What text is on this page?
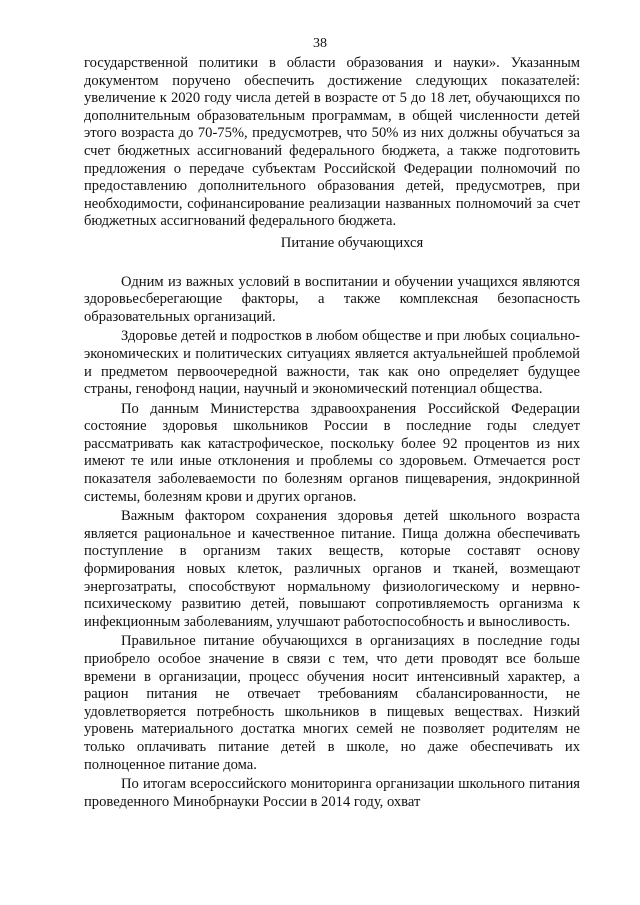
38

государственной политики в области образования и науки». Указанным документом поручено обеспечить достижение следующих показателей: увеличение к 2020 году числа детей в возрасте от 5 до 18 лет, обучающихся по дополнительным образовательным программам, в общей численности детей этого возраста до 70-75%, предусмотрев, что 50% из них должны обучаться за счет бюджетных ассигнований федерального бюджета, а также подготовить предложения о передаче субъектам Российской Федерации полномочий по предоставлению дополнительного образования детей, предусмотрев, при необходимости, софинансирование реализации названных полномочий за счет бюджетных ассигнований федерального бюджета.

Питание обучающихся

Одним из важных условий в воспитании и обучении учащихся являются здоровьесберегающие факторы, а также комплексная безопасность образовательных организаций.

Здоровье детей и подростков в любом обществе и при любых социально-экономических и политических ситуациях является актуальнейшей проблемой и предметом первоочередной важности, так как оно определяет будущее страны, генофонд нации, научный и экономический потенциал общества.

По данным Министерства здравоохранения Российской Федерации состояние здоровья школьников России в последние годы следует рассматривать как катастрофическое, поскольку более 92 процентов из них имеют те или иные отклонения и проблемы со здоровьем. Отмечается рост показателя заболеваемости по болезням органов пищеварения, эндокринной системы, болезням крови и других органов.

Важным фактором сохранения здоровья детей школьного возраста является рациональное и качественное питание. Пища должна обеспечивать поступление в организм таких веществ, которые составят основу формирования новых клеток, различных органов и тканей, возмещают энергозатраты, способствуют нормальному физиологическому и нервно-психическому развитию детей, повышают сопротивляемость организма к инфекционным заболеваниям, улучшают работоспособность и выносливость.

Правильное питание обучающихся в организациях в последние годы приобрело особое значение в связи с тем, что дети проводят все больше времени в организации, процесс обучения носит интенсивный характер, а рацион питания не отвечает требованиям сбалансированности, не удовлетворяется потребность школьников в пищевых веществах. Низкий уровень материального достатка многих семей не позволяет родителям не только оплачивать питание детей в школе, но даже обеспечивать их полноценное питание дома.

По итогам всероссийского мониторинга организации школьного питания проведенного Минобрнауки России в 2014 году, охват
